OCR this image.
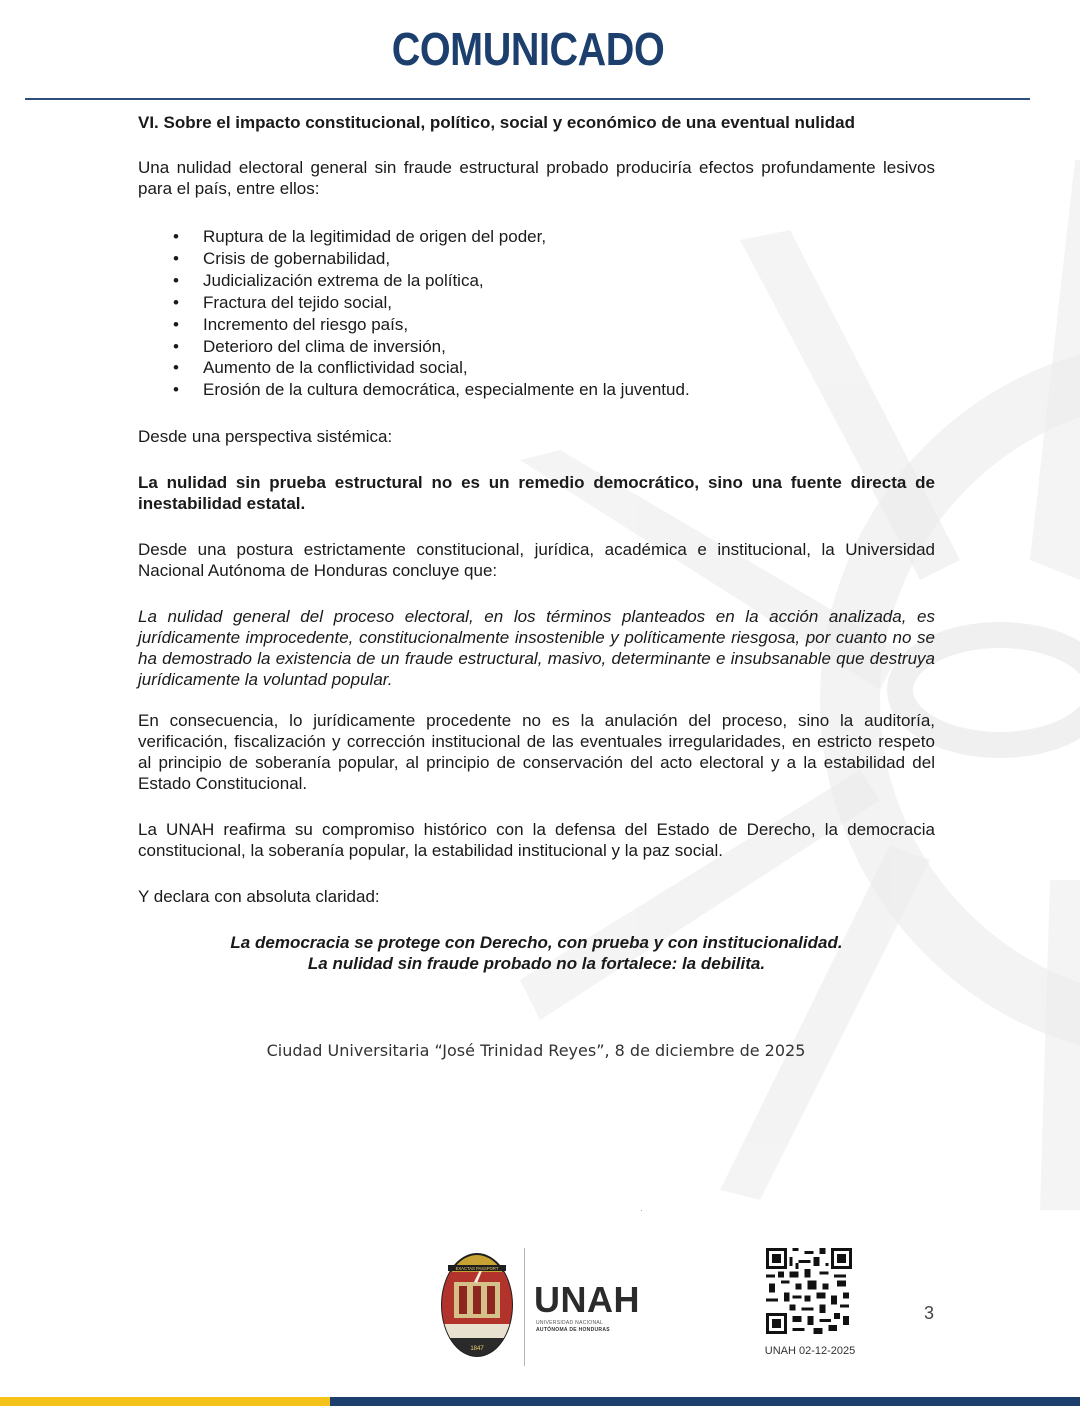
COMUNICADO

VI. Sobre el impacto constitucional, político, social y económico de una eventual nulidad

Una nulidad electoral general sin fraude estructural probado produciría efectos profundamente lesivos para el país, entre ellos:

• Ruptura de la legitimidad de origen del poder,
• Crisis de gobernabilidad,
• Judicialización extrema de la política,
• Fractura del tejido social,
• Incremento del riesgo país,
• Deterioro del clima de inversión,
• Aumento de la conflictividad social,
• Erosión de la cultura democrática, especialmente en la juventud.

Desde una perspectiva sistémica:

La nulidad sin prueba estructural no es un remedio democrático, sino una fuente directa de inestabilidad estatal.

Desde una postura estrictamente constitucional, jurídica, académica e institucional, la Universidad Nacional Autónoma de Honduras concluye que:

La nulidad general del proceso electoral, en los términos planteados en la acción analizada, es jurídicamente improcedente, constitucionalmente insostenible y políticamente riesgosa, por cuanto no se ha demostrado la existencia de un fraude estructural, masivo, determinante e insubsanable que destruya jurídicamente la voluntad popular.

En consecuencia, lo jurídicamente procedente no es la anulación del proceso, sino la auditoría, verificación, fiscalización y corrección institucional de las eventuales irregularidades, en estricto respeto al principio de soberanía popular, al principio de conservación del acto electoral y a la estabilidad del Estado Constitucional.

La UNAH reafirma su compromiso histórico con la defensa del Estado de Derecho, la democracia constitucional, la soberanía popular, la estabilidad institucional y la paz social.

Y declara con absoluta claridad:

La democracia se protege con Derecho, con prueba y con institucionalidad.
La nulidad sin fraude probado no la fortalece: la debilita.
Ciudad Universitaria “José Trinidad Reyes”, 8 de diciembre de 2025
·
EXACTAS PASSPORT
1847
UNAH
UNIVERSIDAD NACIONAL
AUTÓNOMA DE HONDURAS
UNAH 02-12-2025
3
